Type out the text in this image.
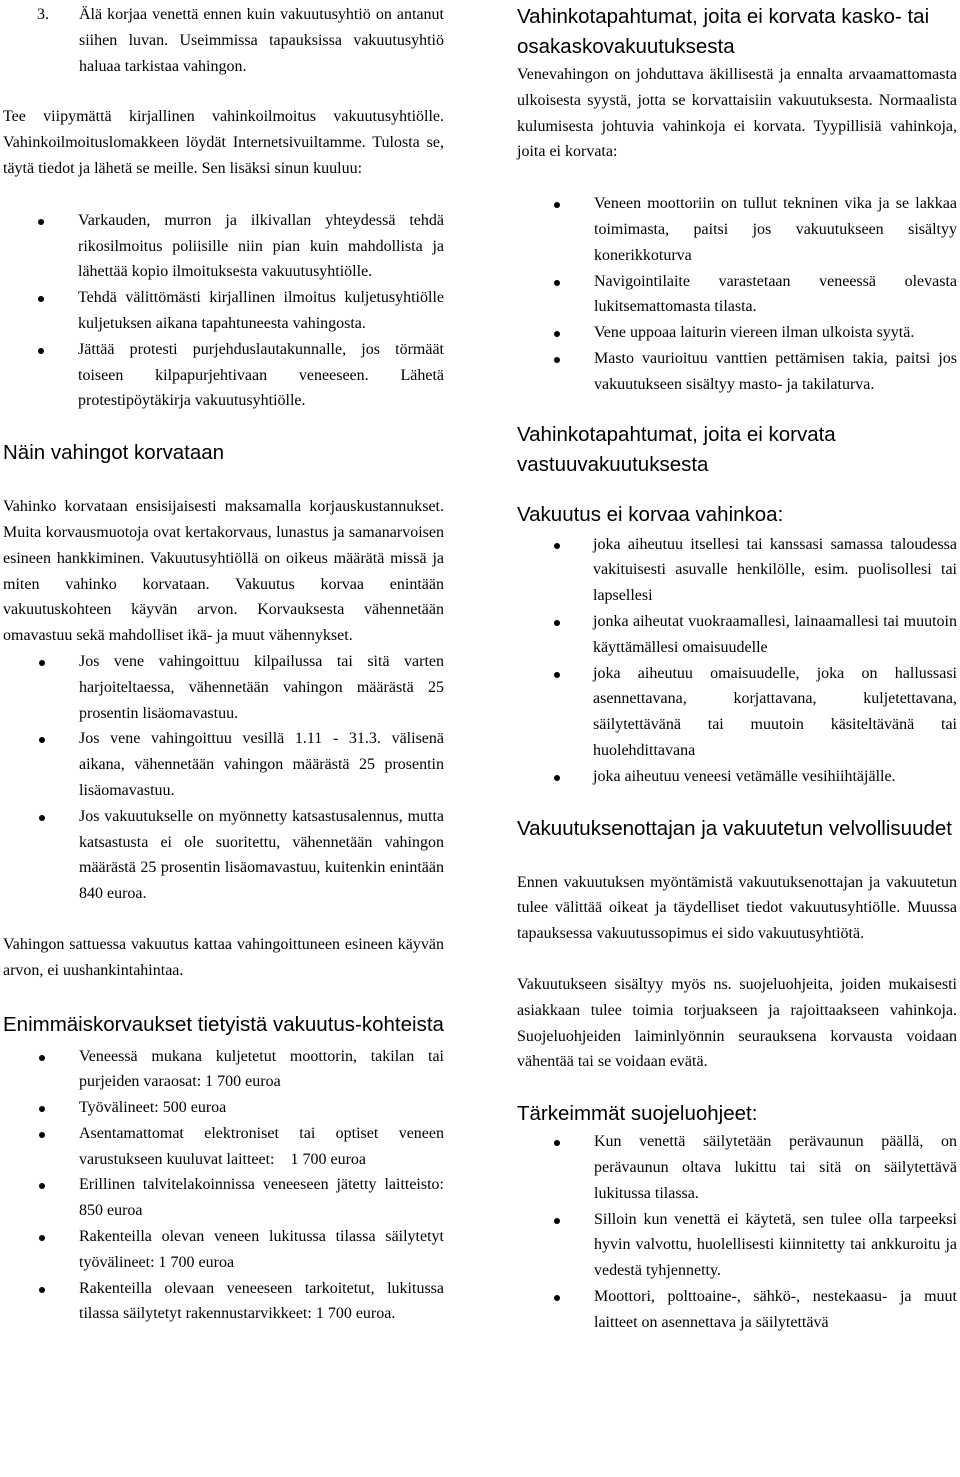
3. Älä korjaa venettä ennen kuin vakuutusyhtiö on antanut siihen luvan. Useimmissa tapauksissa vakuutusyhtiö haluaa tarkistaa vahingon.

Tee viipymättä kirjallinen vahinkoilmoitus vakuutusyhtiölle. Vahinkoilmoituslomakkeen löydät Internetsivuiltamme. Tulosta se, täytä tiedot ja lähetä se meille. Sen lisäksi sinun kuuluu:

Varkauden, murron ja ilkivallan yhteydessä tehdä rikosilmoitus poliisille niin pian kuin mahdollista ja lähettää kopio ilmoituksesta vakuutusyhtiölle.
Tehdä välittömästi kirjallinen ilmoitus kuljetusyhtiölle kuljetuksen aikana tapahtuneesta vahingosta.
Jättää protesti purjehduslautakunnalle, jos törmäät toiseen kilpapurjehtivaan veneeseen. Lähetä protestipöytäkirja vakuutusyhtiölle.
Näin vahingot korvataan

Vahinko korvataan ensisijaisesti maksamalla korjauskustannukset. Muita korvausmuotoja ovat kertakorvaus, lunastus ja samanarvoisen esineen hankkiminen. Vakuutusyhtiöllä on oikeus määrätä missä ja miten vahinko korvataan. Vakuutus korvaa enintään vakuutuskohteen käyvän arvon. Korvauksesta vähennetään omavastuu sekä mahdolliset ikä- ja muut vähennykset.

Jos vene vahingoittuu kilpailussa tai sitä varten harjoiteltaessa, vähennetään vahingon määrästä 25 prosentin lisäomavastuu.
Jos vene vahingoittuu vesillä 1.11 - 31.3. välisenä aikana, vähennetään vahingon määrästä 25 prosentin lisäomavastuu.
Jos vakuutukselle on myönnetty katsastusalennus, mutta katsastusta ei ole suoritettu, vähennetään vahingon määrästä 25 prosentin lisäomavastuu, kuitenkin enintään 840 euroa.

Vahingon sattuessa vakuutus kattaa vahingoittuneen esineen käyvän arvon, ei uushankintahintaa.

Enimmäiskorvaukset tietyistä vakuutus-kohteista
Veneessä mukana kuljetetut moottorin, takilan tai purjeiden varaosat: 1 700 euroa
Työvälineet: 500 euroa
Asentamattomat elektroniset tai optiset veneen varustukseen kuuluvat laitteet:    1 700 euroa
Erillinen talvitelakoinnissa veneeseen jätetty laitteisto: 850 euroa
Rakenteilla olevan veneen lukitussa tilassa säilytetyt työvälineet: 1 700 euroa
Rakenteilla olevaan veneeseen tarkoitetut, lukitussa tilassa säilytetyt rakennustarvikkeet: 1 700 euroa.
Vahinkotapahtumat, joita ei korvata kasko- tai osakaskovakuutuksesta

Venevahingon on johduttava äkillisestä ja ennalta arvaamattomasta ulkoisesta syystä, jotta se korvattaisiin vakuutuksesta. Normaalista kulumisesta johtuvia vahinkoja ei korvata. Tyypillisiä vahinkoja, joita ei korvata:

Veneen moottoriin on tullut tekninen vika ja se lakkaa toimimasta, paitsi jos vakuutukseen sisältyy konerikkoturva
Navigointilaite varastetaan veneessä olevasta lukitsemattomasta tilasta.
Vene uppoaa laiturin viereen ilman ulkoista syytä.
Masto vaurioituu vanttien pettämisen takia, paitsi jos vakuutukseen sisältyy masto- ja takilaturva.
Vahinkotapahtumat, joita ei korvata vastuuvakuutuksesta
Vakuutus ei korvaa vahinkoa:
joka aiheutuu itsellesi tai kanssasi samassa taloudessa vakituisesti asuvalle henkilölle, esim. puolisollesi tai lapsellesi
jonka aiheutat vuokraamallesi, lainaamallesi tai muutoin käyttämällesi omaisuudelle
joka aiheutuu omaisuudelle, joka on hallussasi asennettavana, korjattavana, kuljetettavana, säilytettävänä tai muutoin käsiteltävänä tai huolehdittavana
joka aiheutuu veneesi vetämälle vesihiihtäjälle.
Vakuutuksenottajan ja vakuutetun velvollisuudet

Ennen vakuutuksen myöntämistä vakuutuksenottajan ja vakuutetun tulee välittää oikeat ja täydelliset tiedot vakuutusyhtiölle. Muussa tapauksessa vakuutussopimus ei sido vakuutusyhtiötä.

Vakuutukseen sisältyy myös ns. suojeluohjeita, joiden mukaisesti asiakkaan tulee toimia torjuakseen ja rajoittaakseen vahinkoja. Suojeluohjeiden laiminlyönnin seurauksena korvausta voidaan vähentää tai se voidaan evätä.

Tärkeimmät suojeluohjeet:
Kun venettä säilytetään perävaunun päällä, on perävaunun oltava lukittu tai sitä on säilytettävä lukitussa tilassa.
Silloin kun venettä ei käytetä, sen tulee olla tarpeeksi hyvin valvottu, huolellisesti kiinnitetty tai ankkuroitu ja vedestä tyhjennetty.
Moottori, polttoaine-, sähkö-, nestekaasu- ja muut laitteet on asennettava ja säilytettävä
